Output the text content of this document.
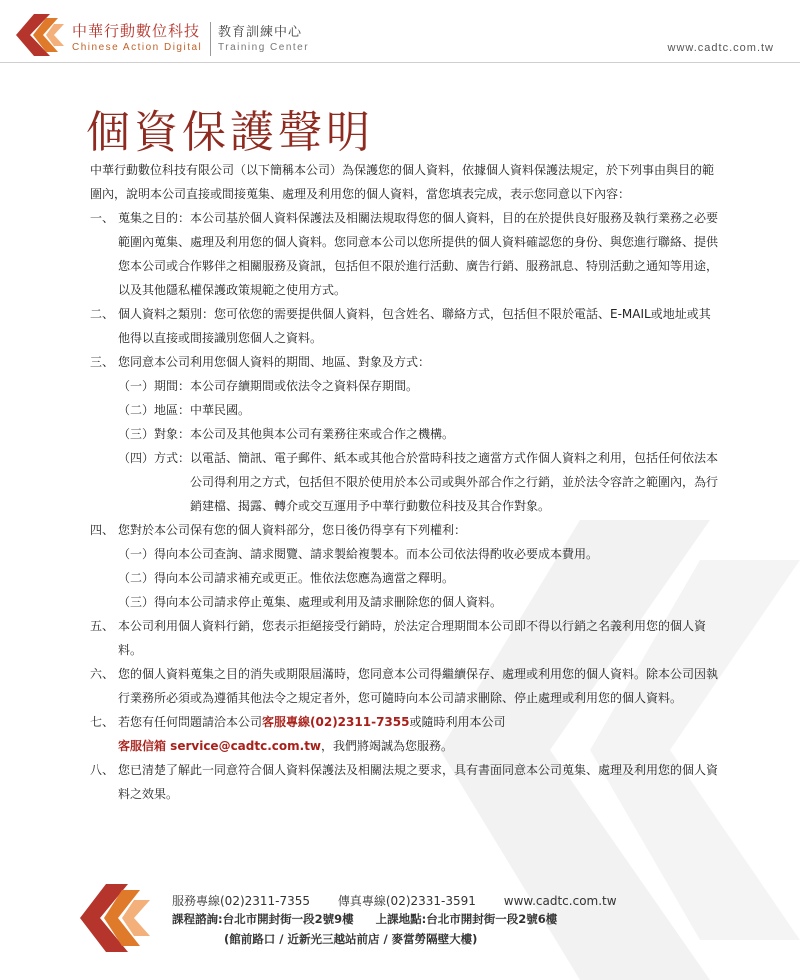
中華行動數位科技
Chinese Action Digital
教育訓練中心
Training Center	www.cadtc.com.tw
個資保護聲明

中華行動數位科技有限公司（以下簡稱本公司）為保護您的個人資料，依據個人資料保護法規定，於下列事由與目的範圍內，說明本公司直接或間接蒐集、處理及利用您的個人資料，當您填表完成，表示您同意以下內容：

一、 蒐集之目的：本公司基於個人資料保護法及相關法規取得您的個人資料，目的在於提供良好服務及執行業務之必要範圍內蒐集、處理及利用您的個人資料。您同意本公司以您所提供的個人資料確認您的身份、與您進行聯絡、提供您本公司或合作夥伴之相關服務及資訊，包括但不限於進行活動、廣告行銷、服務訊息、特別活動之通知等用途，以及其他隱私權保護政策規範之使用方式。
二、 個人資料之類別：您可依您的需要提供個人資料，包含姓名、聯絡方式，包括但不限於電話、E-MAIL或地址或其他得以直接或間接識別您個人之資料。
三、 您同意本公司利用您個人資料的期間、地區、對象及方式：
（一）期間： 本公司存續期間或依法令之資料保存期間。
（二）地區： 中華民國。
（三）對象： 本公司及其他與本公司有業務往來或合作之機構。
（四）方式： 以電話、簡訊、電子郵件、紙本或其他合於當時科技之適當方式作個人資料之利用，包括任何依法本公司得利用之方式，包括但不限於使用於本公司或與外部合作之行銷，並於法令容許之範圍內，為行銷建檔、揭露、轉介或交互運用予中華行動數位科技及其合作對象。
四、 您對於本公司保有您的個人資料部分，您日後仍得享有下列權利：
（一）得向本公司查詢、請求閱覽、請求製給複製本。而本公司依法得酌收必要成本費用。
（二）得向本公司請求補充或更正。惟依法您應為適當之釋明。
（三）得向本公司請求停止蒐集、處理或利用及請求刪除您的個人資料。
五、 本公司利用個人資料行銷，您表示拒絕接受行銷時，於法定合理期間本公司即不得以行銷之名義利用您的個人資料。
六、 您的個人資料蒐集之目的消失或期限屆滿時，您同意本公司得繼續保存、處理或利用您的個人資料。除本公司因執行業務所必須或為遵循其他法令之規定者外，您可隨時向本公司請求刪除、停止處理或利用您的個人資料。
七、 若您有任何問題請洽本公司客服專線(02)2311-7355或隨時利用本公司

客服信箱 service@cadtc.com.tw，我們將竭誠為您服務。

八、 您已清楚了解此一同意符合個人資料保護法及相關法規之要求，具有書面同意本公司蒐集、處理及利用您的個人資料之效果。
服務專線(02)2311-7355 傳真專線(02)2331-3591 www.cadtc.com.tw
課程諮詢:台北市開封街一段2號9樓 上課地點:台北市開封街一段2號6樓
(館前路口 / 近新光三越站前店 / 麥當勞隔壁大樓)
